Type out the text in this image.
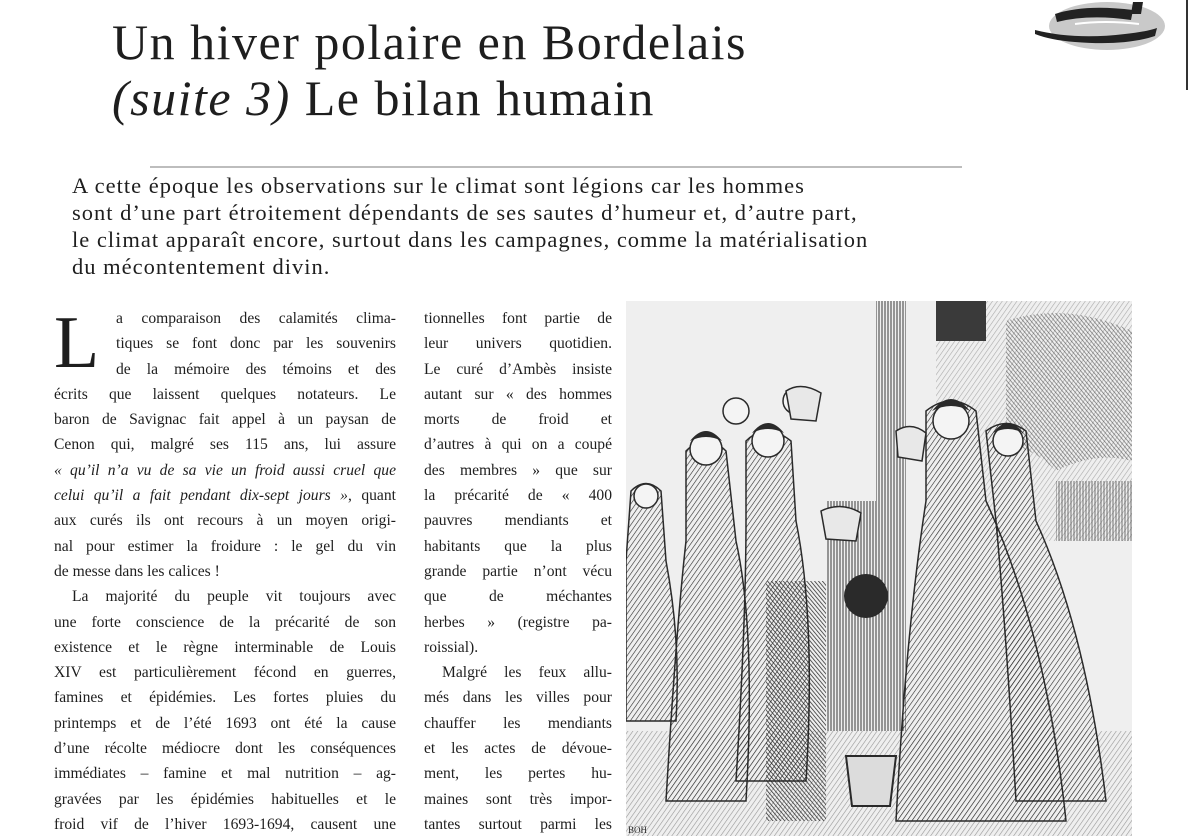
Un hiver polaire en Bordelais
(suite 3) Le bilan humain

A cette époque les observations sur le climat sont légions car les hommes

sont d’une part étroitement dépendants de ses sautes d’humeur et, d’autre part,

le climat apparaît encore, surtout dans les campagnes, comme la matérialisation

du mécontentement divin.

L	a comparaison des calamités clima-

tiques se font donc par les souvenirs

de la mémoire des témoins et des

écrits que laissent quelques notateurs. Le

baron de Savignac fait appel à un paysan de

Cenon qui, malgré ses 115 ans, lui assure

« qu’il n’a vu de sa vie un froid aussi cruel que

celui qu’il a fait pendant dix-sept jours », quant

aux curés ils ont recours à un moyen origi-

nal pour estimer la froidure : le gel du vin

de messe dans les calices !

La majorité du peuple vit toujours avec

une forte conscience de la précarité de son

existence et le règne interminable de Louis

XIV est particulièrement fécond en guerres,

famines et épidémies. Les fortes pluies du

printemps et de l’été 1693 ont été la cause

d’une récolte médiocre dont les conséquences

immédiates – famine et mal nutrition – ag-

gravées par les épidémies habituelles et le

froid vif de l’hiver 1693-1694, causent une

tionnelles font partie de

leur univers quotidien.

Le curé d’Ambès insiste

autant sur « des hommes

morts de froid et

d’autres à qui on a coupé

des membres » que sur

la précarité de « 400

pauvres mendiants et

habitants que la plus

grande partie n’ont vécu

que de méchantes

herbes » (registre pa-

roissial).

Malgré les feux allu-

més dans les villes pour

chauffer les mendiants

et les actes de dévoue-

ment, les pertes hu-

maines sont très impor-

tantes surtout parmi les BOH
